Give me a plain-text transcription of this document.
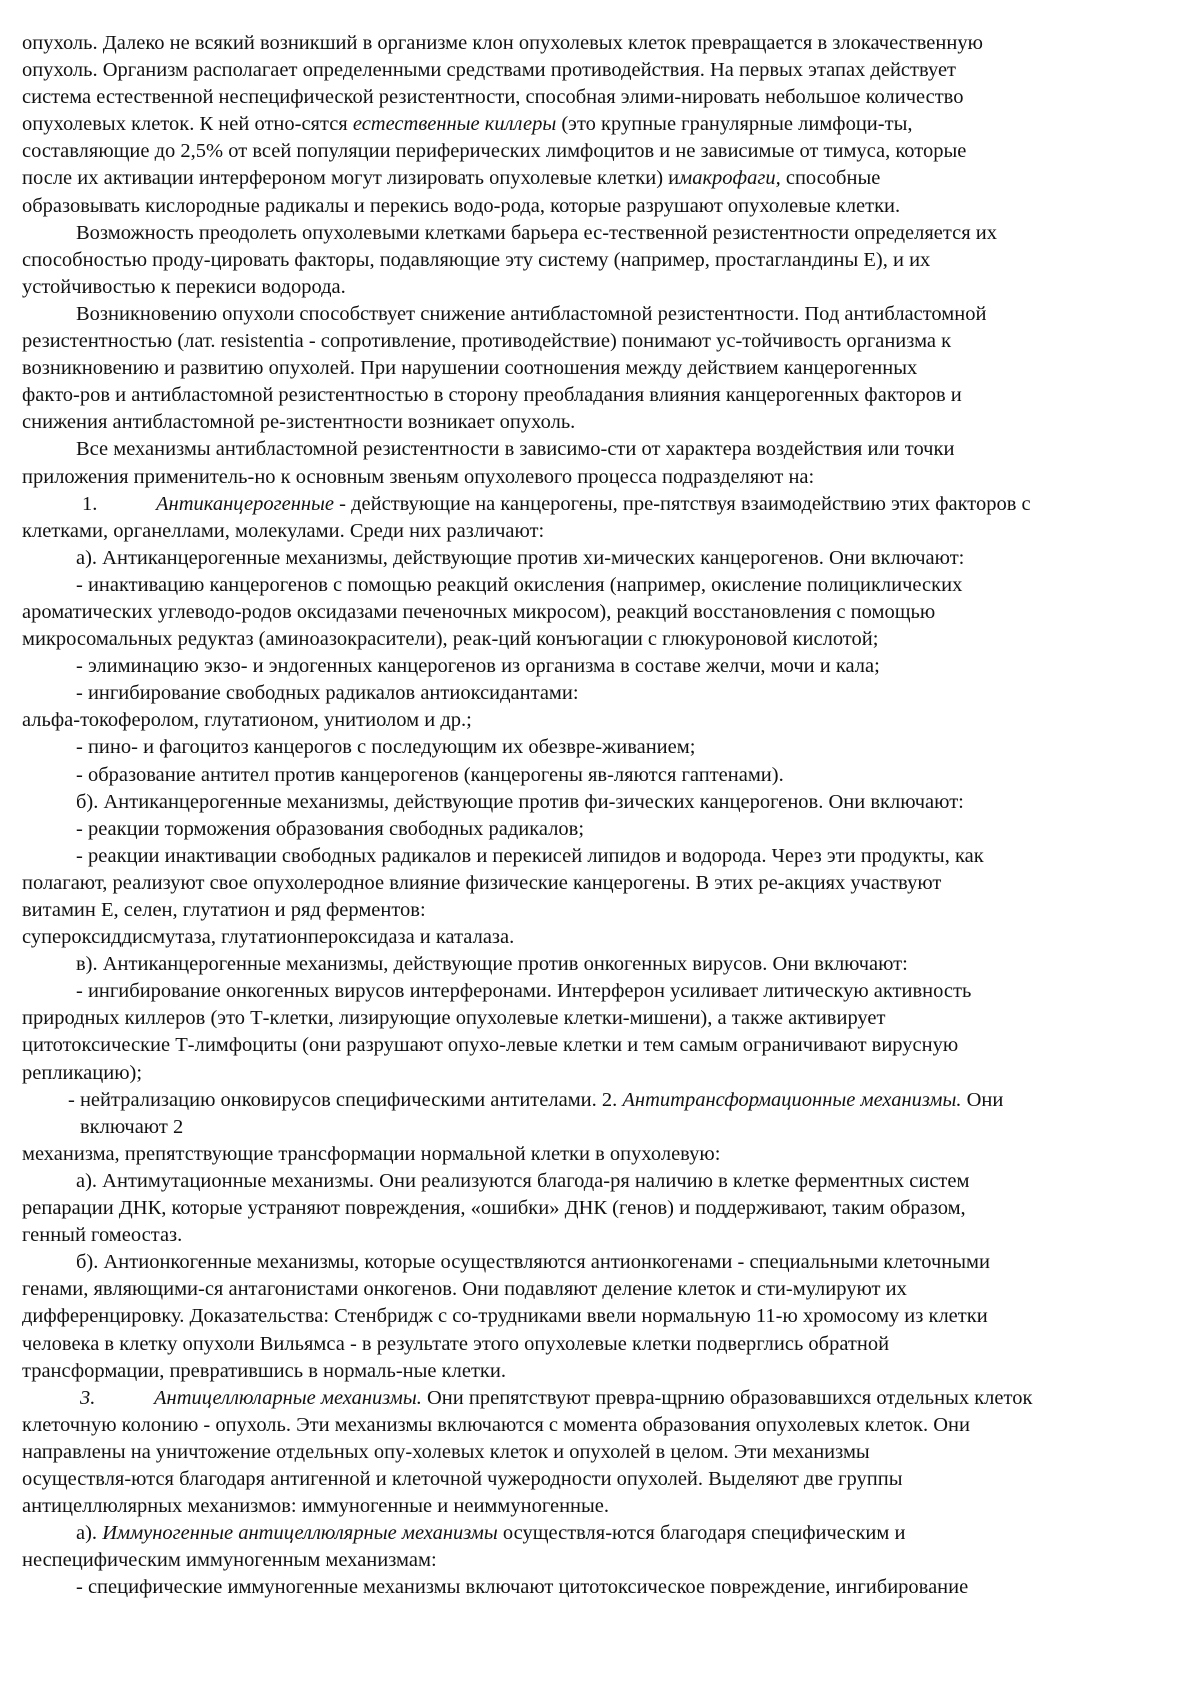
опухоль. Далеко не всякий возникший в организме клон опухолевых клеток превращается в злокачественную
опухоль. Организм располагает определенными средствами противодействия. На первых этапах действует
система естественной неспецифической резистентности, способная элими-нировать небольшое количество
опухолевых клеток. К ней отно-сятся естественные киллеры (это крупные гранулярные лимфоци-ты,
составляющие до 2,5% от всей популяции периферических лимфоцитов и не зависимые от тимуса, которые
после их активации интерфероном могут лизировать опухолевые клетки) имакрофаги, способные
образовывать кислородные радикалы и перекись водо-рода, которые разрушают опухолевые клетки.
Возможность преодолеть опухолевыми клетками барьера ес-тественной резистентности определяется их
способностью проду-цировать факторы, подавляющие эту систему (например, простагландины Е), и их
устойчивостью к перекиси водорода.
Возникновению опухоли способствует снижение антибластомной резистентности. Под антибластомной
резистентностью (лат. resistentia - сопротивление, противодействие) понимают ус-тойчивость организма к
возникновению и развитию опухолей. При нарушении соотношения между действием канцерогенных
факто-ров и антибластомной резистентностью в сторону преобладания влияния канцерогенных факторов и
снижения антибластомной ре-зистентности возникает опухоль.
Все механизмы антибластомной резистентности в зависимо-сти от характера воздействия или точки
приложения применитель-но к основным звеньям опухолевого процесса подразделяют на:
1.	Антиканцерогенные - действующие на канцерогены, пре-пятствуя взаимодействию этих факторов с
клетками, органеллами, молекулами. Среди них различают:
а). Антиканцерогенные механизмы, действующие против хи-мических канцерогенов. Они включают:
- инактивацию канцерогенов с помощью реакций окисления (например, окисление полициклических
ароматических углеводо-родов оксидазами печеночных микросом), реакций восстановления с помощью
микросомальных редуктаз (аминоазокрасители), реак-ций конъюгации с глюкуроновой кислотой;
- элиминацию экзо- и эндогенных канцерогенов из организма в составе желчи, мочи и кала;
- ингибирование свободных радикалов антиоксидантами:
альфа-токоферолом, глутатионом, унитиолом и др.;
- пино- и фагоцитоз канцерогов с последующим их обезвре-живанием;
- образование антител против канцерогенов (канцерогены яв-ляются гаптенами).
б). Антиканцерогенные механизмы, действующие против фи-зических канцерогенов. Они включают:
- реакции торможения образования свободных радикалов;
- реакции инактивации свободных радикалов и перекисей липидов и водорода. Через эти продукты, как
полагают, реализуют свое опухолеродное влияние физические канцерогены. В этих ре-акциях участвуют
витамин Е, селен, глутатион и ряд ферментов:
супероксиддисмутаза, глутатионпероксидаза и каталаза.
в). Антиканцерогенные механизмы, действующие против онкогенных вирусов. Они включают:
- ингибирование онкогенных вирусов интерферонами. Интерферон усиливает литическую активность
природных киллеров (это Т-клетки, лизирующие опухолевые клетки-мишени), а также активирует
цитотоксические Т-лимфоциты (они разрушают опухо-левые клетки и тем самым ограничивают вирусную
репликацию);
- нейтрализацию онковирусов специфическими антителами. 2. Антитрансформационные механизмы. Они
включают 2
механизма, препятствующие трансформации нормальной клетки в опухолевую:
а). Антимутационные механизмы. Они реализуются благода-ря наличию в клетке ферментных систем
репарации ДНК, которые устраняют повреждения, «ошибки» ДНК (генов) и поддерживают, таким образом,
генный гомеостаз.
б). Антионкогенные механизмы, которые осуществляются антионкогенами - специальными клеточными
генами, являющими-ся антагонистами онкогенов. Они подавляют деление клеток и сти-мулируют их
дифференцировку. Доказательства: Стенбридж с со-трудниками ввели нормальную 11-ю хромосому из клетки
человека в клетку опухоли Вильямса - в результате этого опухолевые клетки подверглись обратной
трансформации, превратившись в нормаль-ные клетки.
3.	Антицеллюларные механизмы. Они препятствуют превра-щрнию образовавшихся отдельных клеток
клеточную колонию - опухоль. Эти механизмы включаются с момента образования опухолевых клеток. Они
направлены на уничтожение отдельных опу-холевых клеток и опухолей в целом. Эти механизмы
осуществля-ются благодаря антигенной и клеточной чужеродности опухолей. Выделяют две группы
антицеллюлярных механизмов: иммуногенные и неиммуногенные.
а). Иммуногенные антицеллюлярные механизмы осуществля-ются благодаря специфическим и
неспецифическим иммуногенным механизмам:
- специфические иммуногенные механизмы включают цитотоксическое повреждение, ингибирование
